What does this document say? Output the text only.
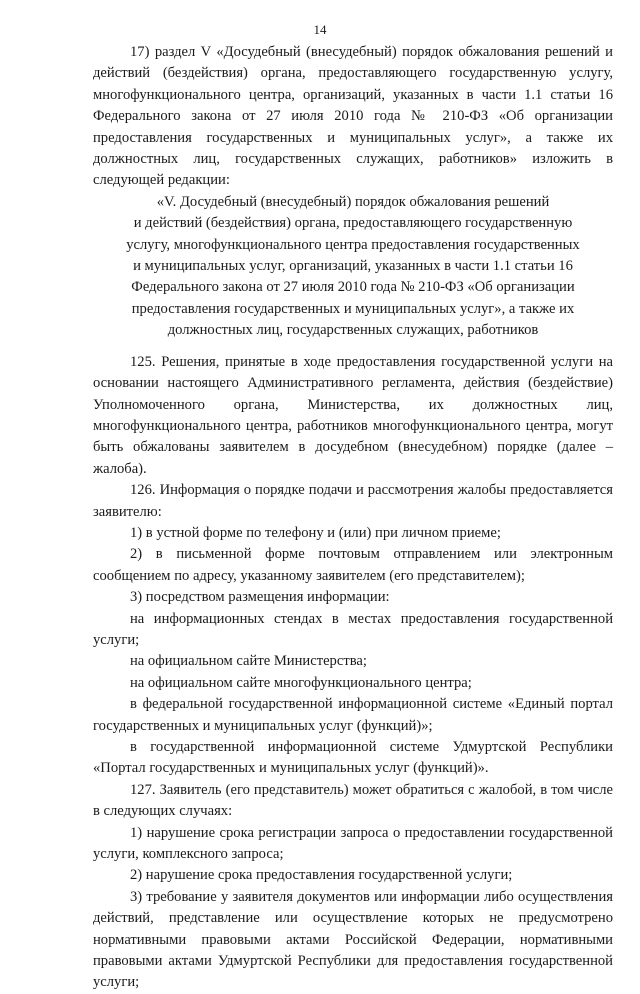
14

17) раздел V «Досудебный (внесудебный) порядок обжалования решений и действий (бездействия) органа, предоставляющего государственную услугу, многофункционального центра, организаций, указанных в части 1.1 статьи 16 Федерального закона от 27 июля 2010 года № 210-ФЗ «Об организации предоставления государственных и муниципальных услуг», а также их должностных лиц, государственных служащих, работников» изложить в следующей редакции:

«V. Досудебный (внесудебный) порядок обжалования решений
и действий (бездействия) органа, предоставляющего государственную
услугу, многофункционального центра предоставления государственных
и муниципальных услуг, организаций, указанных в части 1.1 статьи 16
Федерального закона от 27 июля 2010 года № 210-ФЗ «Об организации
предоставления государственных и муниципальных услуг», а также их
должностных лиц, государственных служащих, работников

125. Решения, принятые в ходе предоставления государственной услуги на основании настоящего Административного регламента, действия (бездействие) Уполномоченного органа, Министерства, их должностных лиц, многофункционального центра, работников многофункционального центра, могут быть обжалованы заявителем в досудебном (внесудебном) порядке (далее – жалоба).

126. Информация о порядке подачи и рассмотрения жалобы предоставляется заявителю:

1) в устной форме по телефону и (или) при личном приеме;

2) в письменной форме почтовым отправлением или электронным сообщением по адресу, указанному заявителем (его представителем);

3) посредством размещения информации:

на информационных стендах в местах предоставления государственной услуги;

на официальном сайте Министерства;

на официальном сайте многофункционального центра;

в федеральной государственной информационной системе «Единый портал государственных и муниципальных услуг (функций)»;

в государственной информационной системе Удмуртской Республики «Портал государственных и муниципальных услуг (функций)».

127. Заявитель (его представитель) может обратиться с жалобой, в том числе в следующих случаях:

1) нарушение срока регистрации запроса о предоставлении государственной услуги, комплексного запроса;

2) нарушение срока предоставления государственной услуги;

3) требование у заявителя документов или информации либо осуществления действий, представление или осуществление которых не предусмотрено нормативными правовыми актами Российской Федерации, нормативными правовыми актами Удмуртской Республики для предоставления государственной услуги;
